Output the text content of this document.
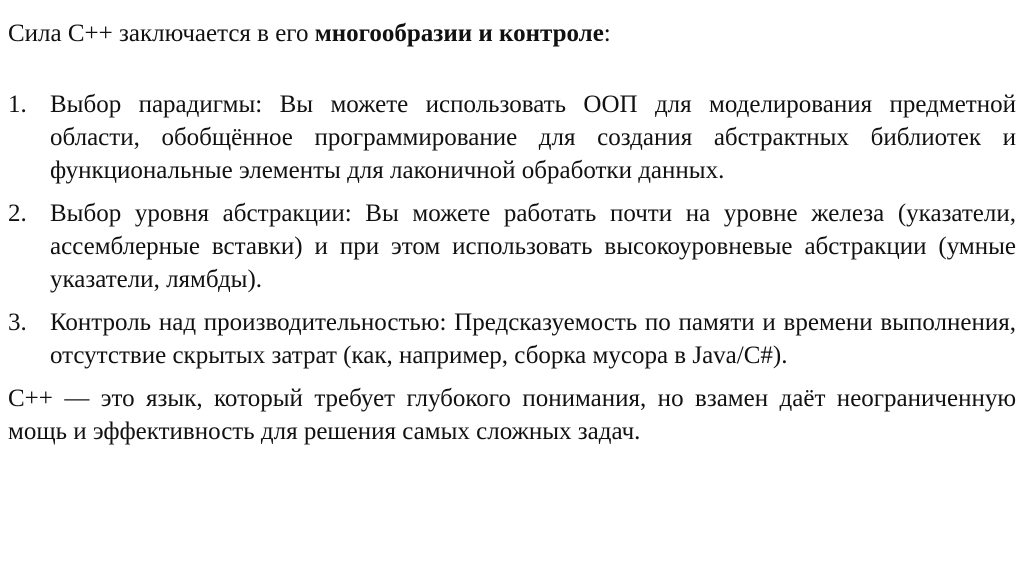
Сила C++ заключается в его многообразии и контроле:

1. Выбор парадигмы: Вы можете использовать ООП для моделирования предметной области, обобщённое программирование для создания абстрактных библиотек и функциональные элементы для лаконичной обработки данных.
2. Выбор уровня абстракции: Вы можете работать почти на уровне железа (указатели, ассемблерные вставки) и при этом использовать высокоуровневые абстракции (умные указатели, лямбды).
3. Контроль над производительностью: Предсказуемость по памяти и времени выполнения, отсутствие скрытых затрат (как, например, сборка мусора в Java/C#).

C++ — это язык, который требует глубокого понимания, но взамен даёт неограниченную мощь и эффективность для решения самых сложных задач.
